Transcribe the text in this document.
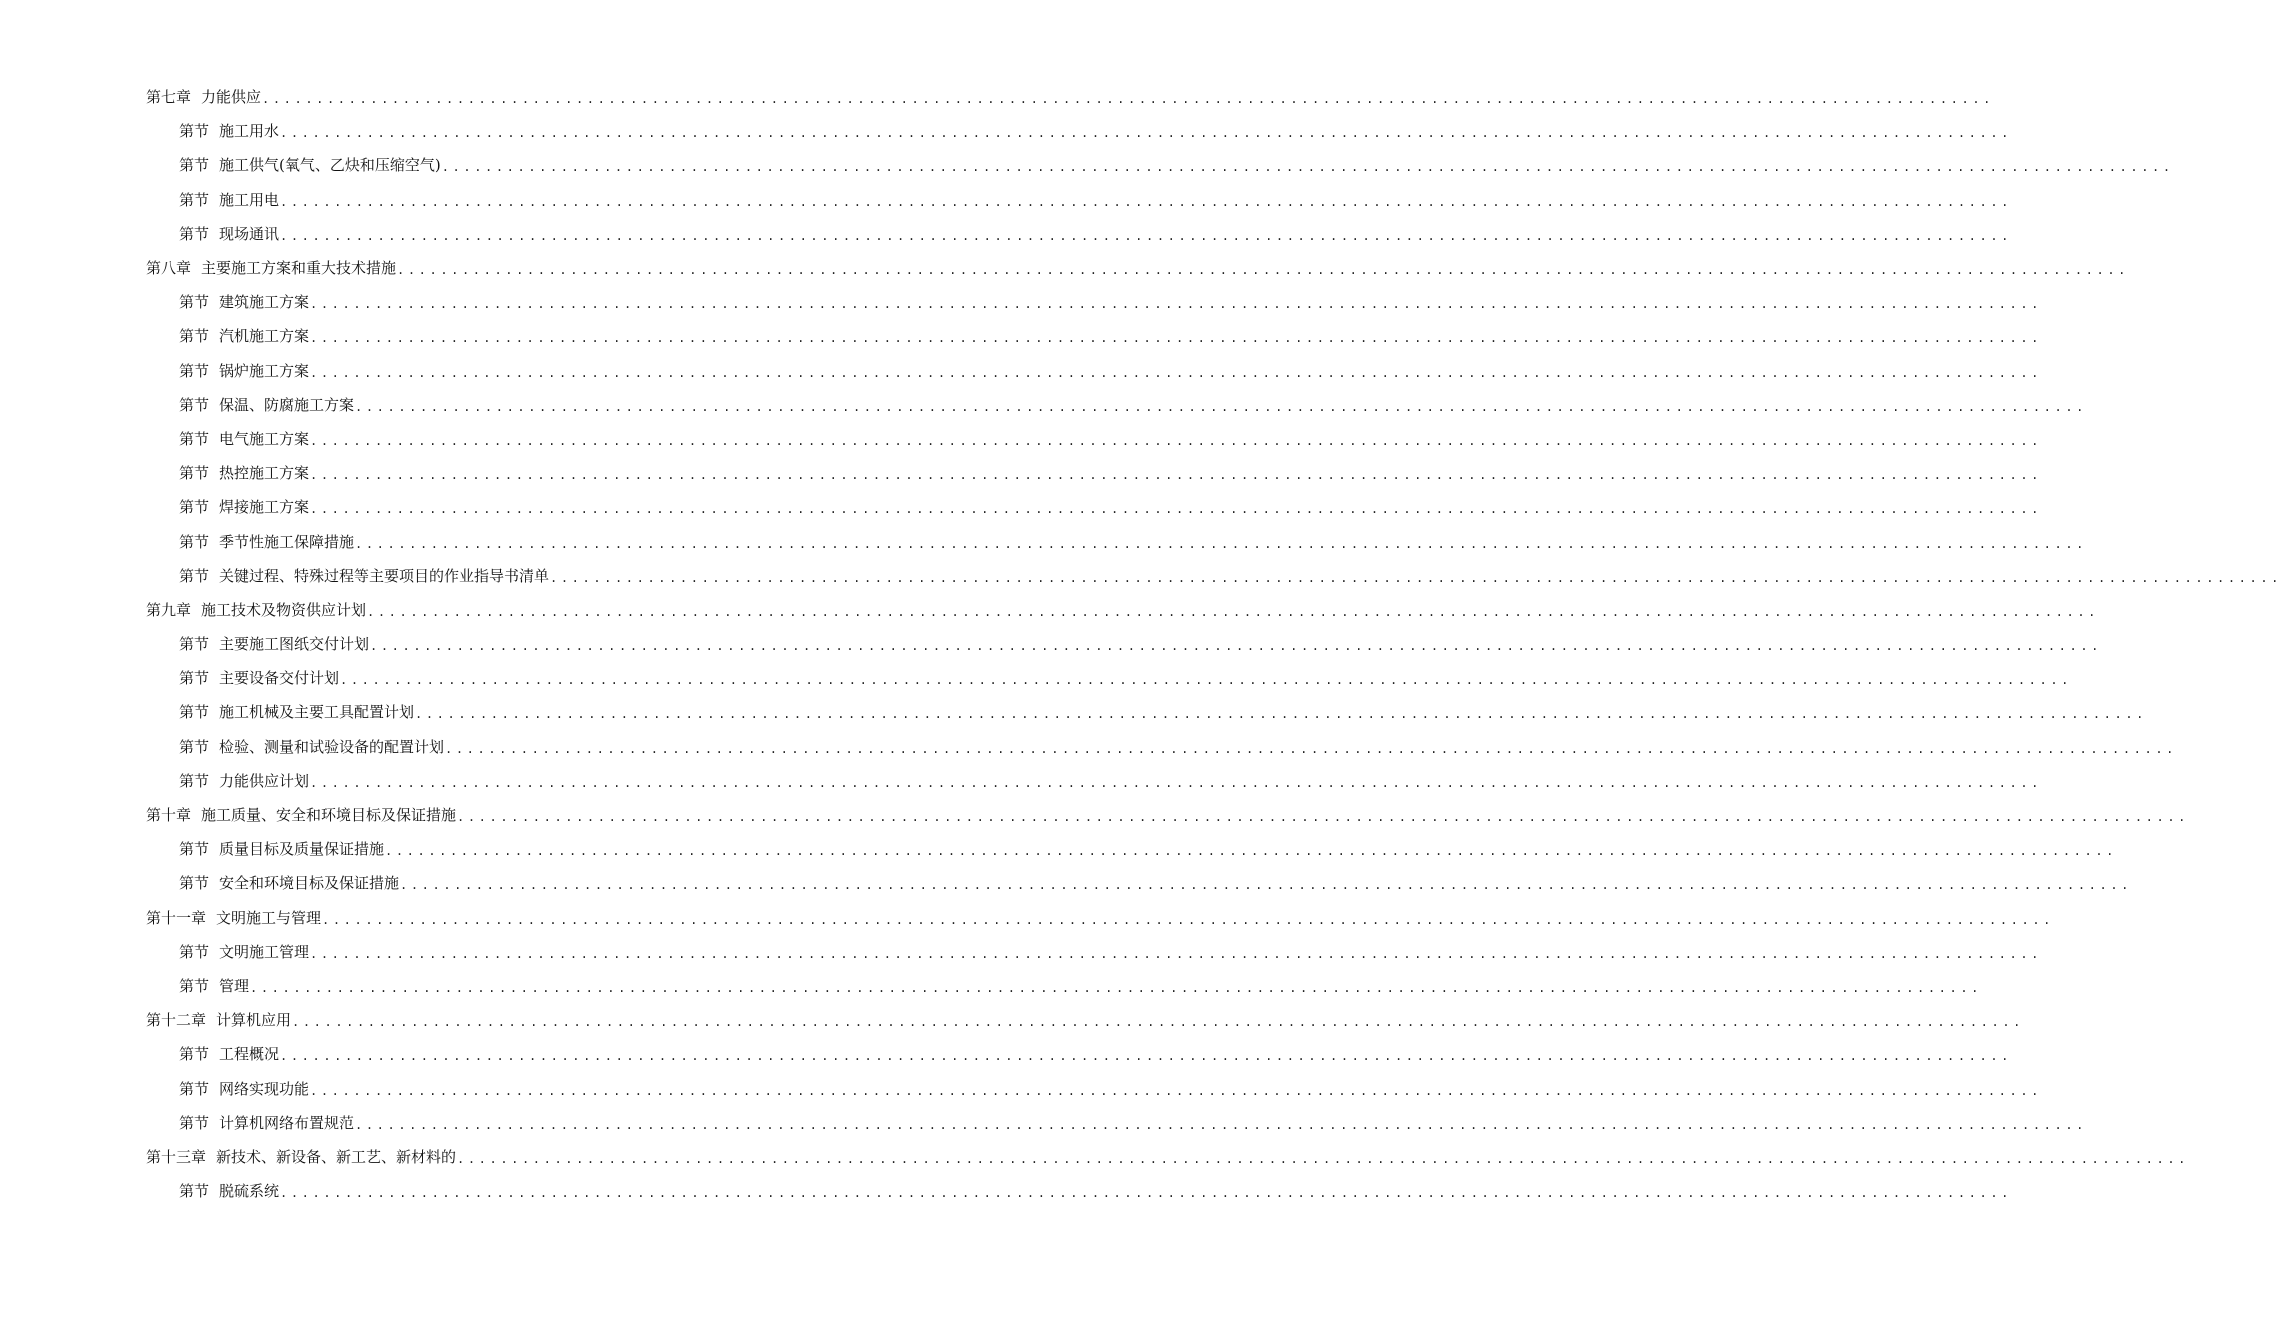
第七章 力能供应 ................................................................................................................................................................
第节 施工用水 ................................................................................................................................................................
第节 施工供气(氧气、乙炔和压缩空气) ................................................................................................................................................................
第节 施工用电 ................................................................................................................................................................
第节 现场通讯 ................................................................................................................................................................
第八章 主要施工方案和重大技术措施 ................................................................................................................................................................
第节 建筑施工方案 ................................................................................................................................................................
第节 汽机施工方案 ................................................................................................................................................................
第节 锅炉施工方案 ................................................................................................................................................................
第节 保温、防腐施工方案 ................................................................................................................................................................
第节 电气施工方案 ................................................................................................................................................................
第节 热控施工方案 ................................................................................................................................................................
第节 焊接施工方案 ................................................................................................................................................................
第节 季节性施工保障措施 ................................................................................................................................................................
第节 关键过程、特殊过程等主要项目的作业指导书清单 ................................................................................................................................................................
第九章 施工技术及物资供应计划 ................................................................................................................................................................
第节 主要施工图纸交付计划 ................................................................................................................................................................
第节 主要设备交付计划 ................................................................................................................................................................
第节 施工机械及主要工具配置计划 ................................................................................................................................................................
第节 检验、测量和试验设备的配置计划 ................................................................................................................................................................
第节 力能供应计划 ................................................................................................................................................................
第十章 施工质量、安全和环境目标及保证措施 ................................................................................................................................................................
第节 质量目标及质量保证措施 ................................................................................................................................................................
第节 安全和环境目标及保证措施 ................................................................................................................................................................
第十一章 文明施工与管理 ................................................................................................................................................................
第节 文明施工管理 ................................................................................................................................................................
第节 管理 ................................................................................................................................................................
第十二章 计算机应用 ................................................................................................................................................................
第节 工程概况 ................................................................................................................................................................
第节 网络实现功能 ................................................................................................................................................................
第节 计算机网络布置规范 ................................................................................................................................................................
第十三章 新技术、新设备、新工艺、新材料的 ................................................................................................................................................................
第节 脱硫系统 ................................................................................................................................................................
